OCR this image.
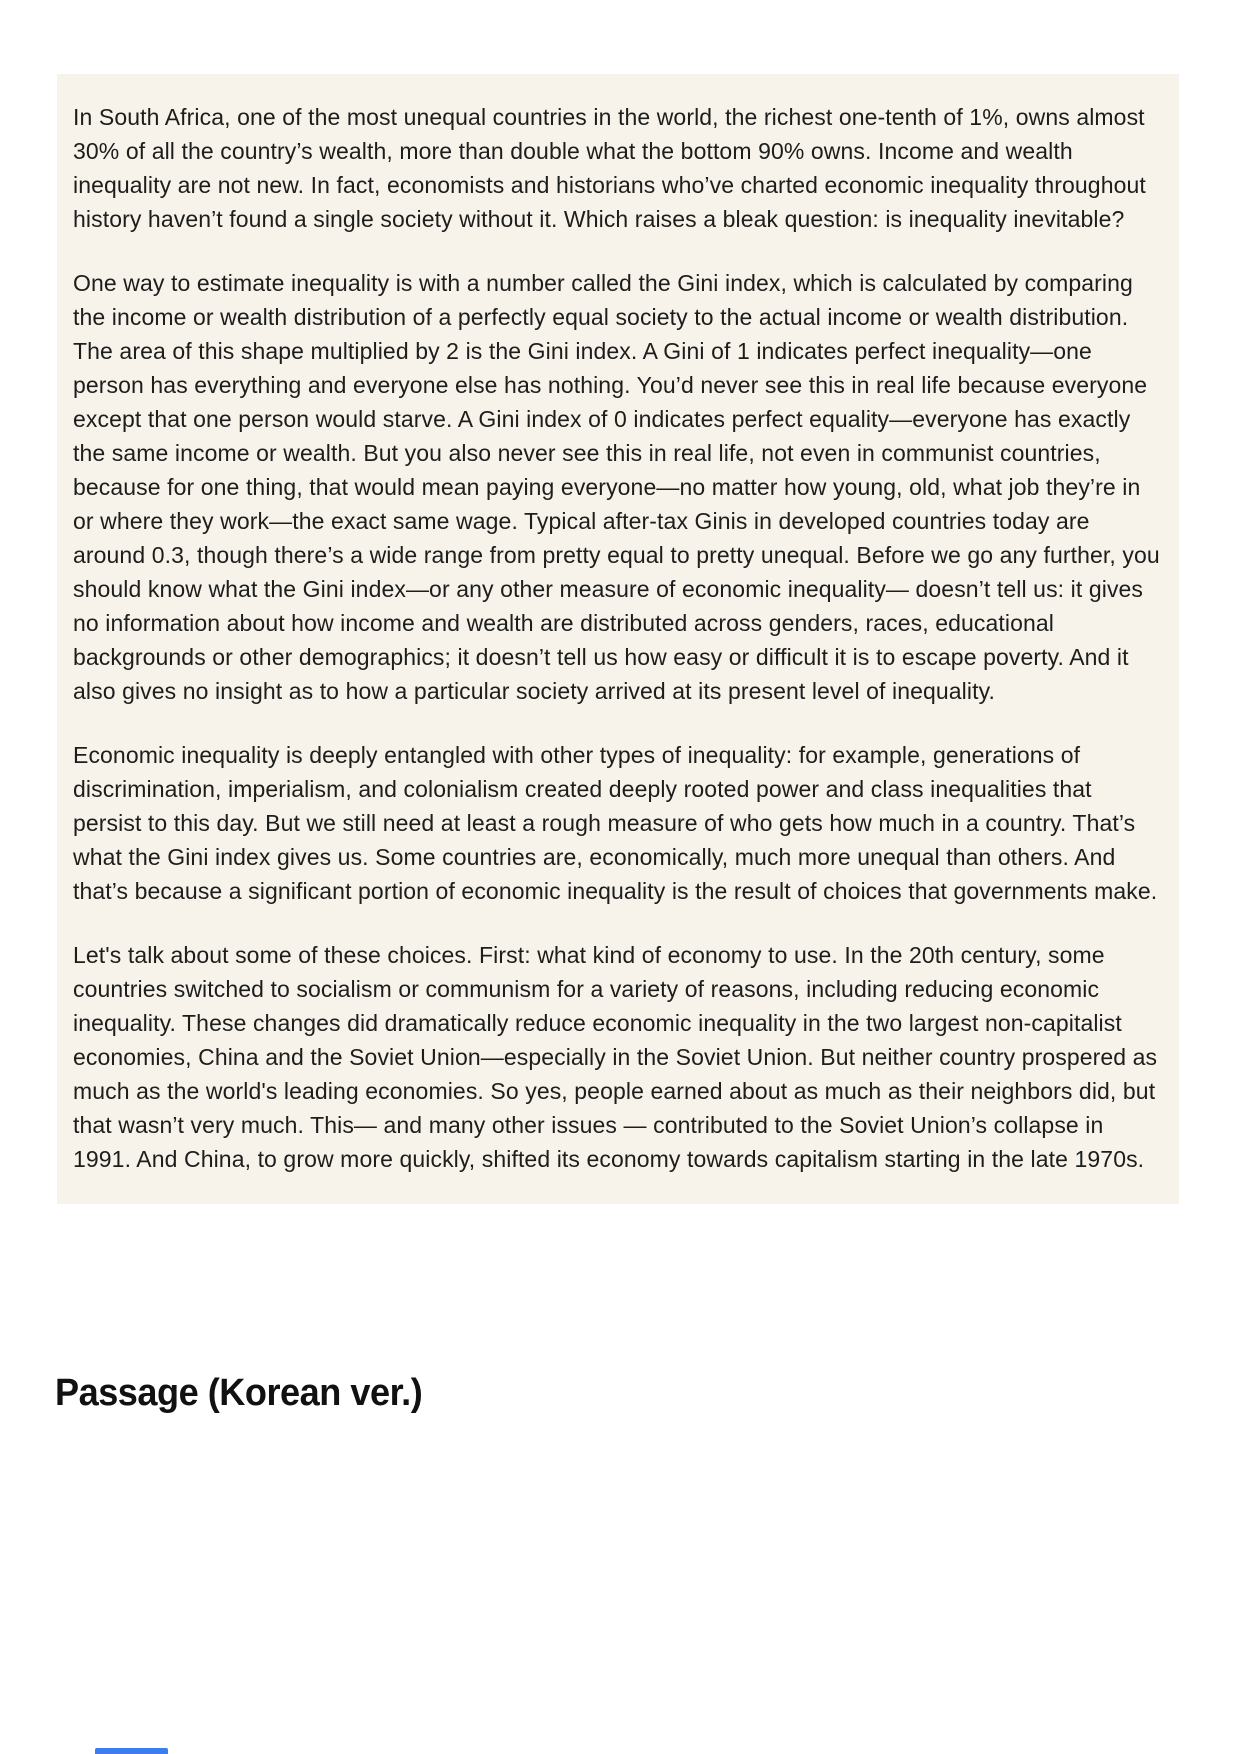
In South Africa, one of the most unequal countries in the world, the richest one-tenth of 1%, owns almost 30% of all the country’s wealth, more than double what the bottom 90% owns. Income and wealth inequality are not new. In fact, economists and historians who’ve charted economic inequality throughout history haven’t found a single society without it. Which raises a bleak question: is inequality inevitable?

One way to estimate inequality is with a number called the Gini index, which is calculated by comparing the income or wealth distribution of a perfectly equal society to the actual income or wealth distribution. The area of this shape multiplied by 2 is the Gini index. A Gini of 1 indicates perfect inequality—one person has everything and everyone else has nothing. You’d never see this in real life because everyone except that one person would starve. A Gini index of 0 indicates perfect equality—everyone has exactly the same income or wealth. But you also never see this in real life, not even in communist countries, because for one thing, that would mean paying everyone—no matter how young, old, what job they’re in or where they work—the exact same wage. Typical after-tax Ginis in developed countries today are around 0.3, though there’s a wide range from pretty equal to pretty unequal. Before we go any further, you should know what the Gini index—or any other measure of economic inequality— doesn’t tell us: it gives no information about how income and wealth are distributed across genders, races, educational backgrounds or other demographics; it doesn’t tell us how easy or difficult it is to escape poverty. And it also gives no insight as to how a particular society arrived at its present level of inequality.

Economic inequality is deeply entangled with other types of inequality: for example, generations of discrimination, imperialism, and colonialism created deeply rooted power and class inequalities that persist to this day. But we still need at least a rough measure of who gets how much in a country. That’s what the Gini index gives us. Some countries are, economically, much more unequal than others. And that’s because a significant portion of economic inequality is the result of choices that governments make.

Let's talk about some of these choices. First: what kind of economy to use. In the 20th century, some countries switched to socialism or communism for a variety of reasons, including reducing economic inequality. These changes did dramatically reduce economic inequality in the two largest non-capitalist economies, China and the Soviet Union—especially in the Soviet Union. But neither country prospered as much as the world's leading economies. So yes, people earned about as much as their neighbors did, but that wasn’t very much. This— and many other issues — contributed to the Soviet Union’s collapse in 1991. And China, to grow more quickly, shifted its economy towards capitalism starting in the late 1970s.

Passage (Korean ver.)
